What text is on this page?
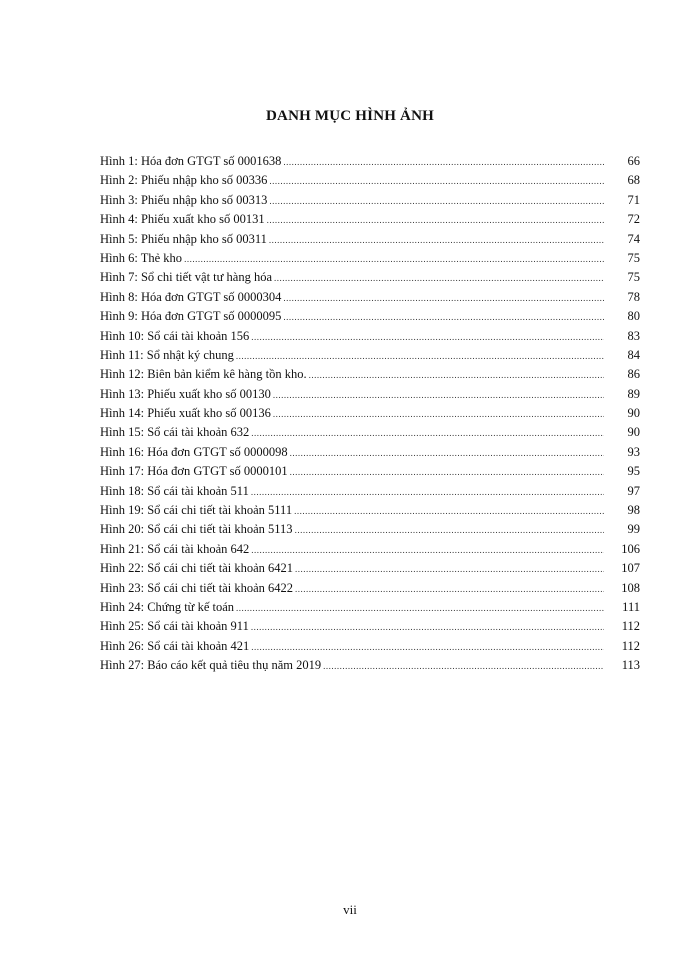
DANH MỤC HÌNH ẢNH
Hình 1: Hóa đơn GTGT số 0001638 .....	66
Hình 2: Phiếu nhập kho số 00336 .....	68
Hình 3: Phiếu nhập kho số 00313 .....	71
Hình 4: Phiếu xuất kho số 00131 .....	72
Hình 5: Phiếu nhập kho số 00311 .....	74
Hình 6: Thẻ kho .....	75
Hình 7: Sổ chi tiết vật tư hàng hóa .....	75
Hình 8: Hóa đơn GTGT số 0000304 .....	78
Hình 9: Hóa đơn GTGT số 0000095 .....	80
Hình 10: Sổ cái tài khoản 156 .....	83
Hình 11: Sổ nhật ký chung .....	84
Hình 12: Biên bản kiểm kê hàng tồn kho. .....	86
Hình 13: Phiếu xuất kho số 00130 .....	89
Hình 14: Phiếu xuất kho số 00136 .....	90
Hình 15: Sổ cái tài khoản 632 .....	90
Hình 16: Hóa đơn GTGT số 0000098 .....	93
Hình 17: Hóa đơn GTGT số 0000101 .....	95
Hình 18: Sổ cái tài khoản 511 .....	97
Hình 19: Sổ cái chi tiết tài khoản 5111 .....	98
Hình 20: Sổ cái chi tiết tài khoản 5113 .....	99
Hình 21: Sổ cái tài khoản 642 .....	106
Hình 22: Sổ cái chi tiết tài khoản 6421 .....	107
Hình 23: Sổ cái chi tiết tài khoản 6422 .....	108
Hình 24: Chứng từ kế toán .....	111
Hình 25: Sổ cái tài khoản 911 .....	112
Hình 26: Sổ cái tài khoản 421 .....	112
Hình 27: Báo cáo kết quả tiêu thụ năm 2019 .....	113
vii
